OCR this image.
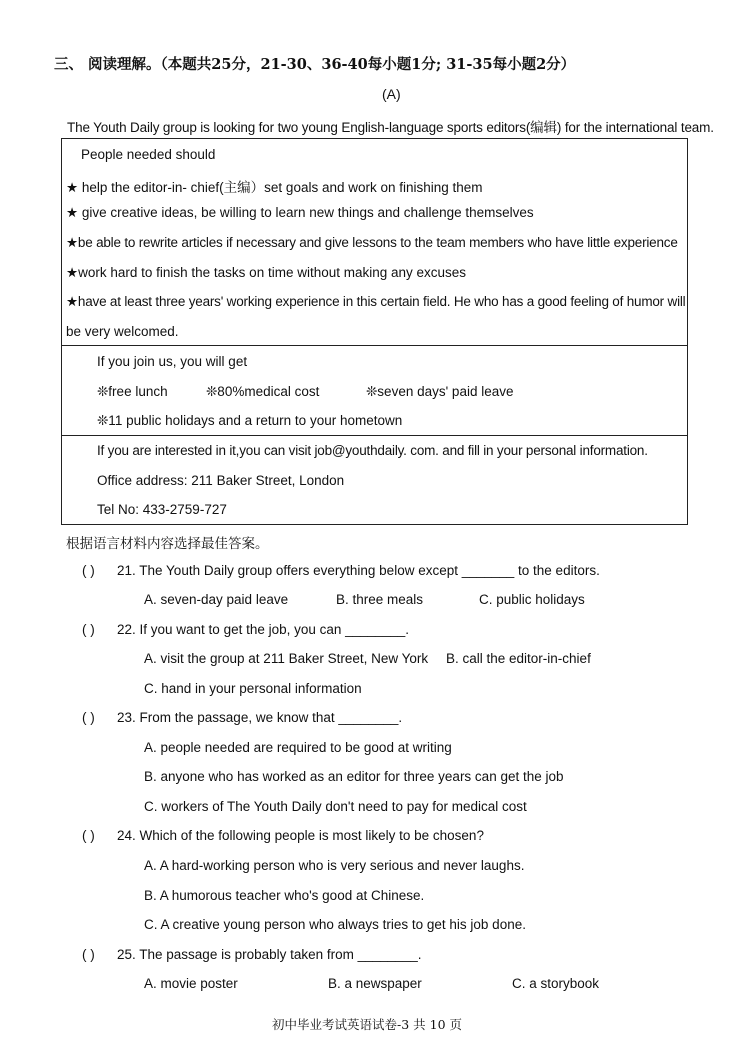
三、 阅读理解。（本题共25分，21-30、36-40每小题1分; 31-35每小题2分）
(A)
The Youth Daily group is looking for two young English-language sports editors(编辑) for the international team.
People needed should
★ help the editor-in- chief(主编）set goals and work on finishing them
★ give creative ideas, be willing to learn new things and challenge themselves
★be able to rewrite articles if necessary and give lessons to the team members who have little experience
★work hard to finish the tasks on time without making any excuses
★have at least three years' working experience in this certain field. He who has a good feeling of humor will
be very welcomed.
If you join us, you will get
❊free lunch	❊80%medical cost	❊seven days' paid leave
❊11 public holidays and a return to your hometown
If you are interested in it,you can visit job@youthdaily. com. and fill in your personal information.
Office address: 211 Baker Street, London
Tel No: 433-2759-727
根据语言材料内容选择最佳答案。
( ) 21. The Youth Daily group offers everything below except _______ to the editors.
A. seven-day paid leave	B. three meals	C. public holidays
( ) 22. If you want to get the job, you can ________.
A. visit the group at 211 Baker Street, New York B. call the editor-in-chief
C. hand in your personal information
( ) 23. From the passage, we know that ________.
A. people needed are required to be good at writing
B. anyone who has worked as an editor for three years can get the job
C. workers of The Youth Daily don't need to pay for medical cost
( ) 24. Which of the following people is most likely to be chosen?
A. A hard-working person who is very serious and never laughs.
B. A humorous teacher who's good at Chinese.
C. A creative young person who always tries to get his job done.
( ) 25. The passage is probably taken from ________.
A. movie poster	B. a newspaper	C. a storybook
初中毕业考试英语试卷-3 共 10 页
